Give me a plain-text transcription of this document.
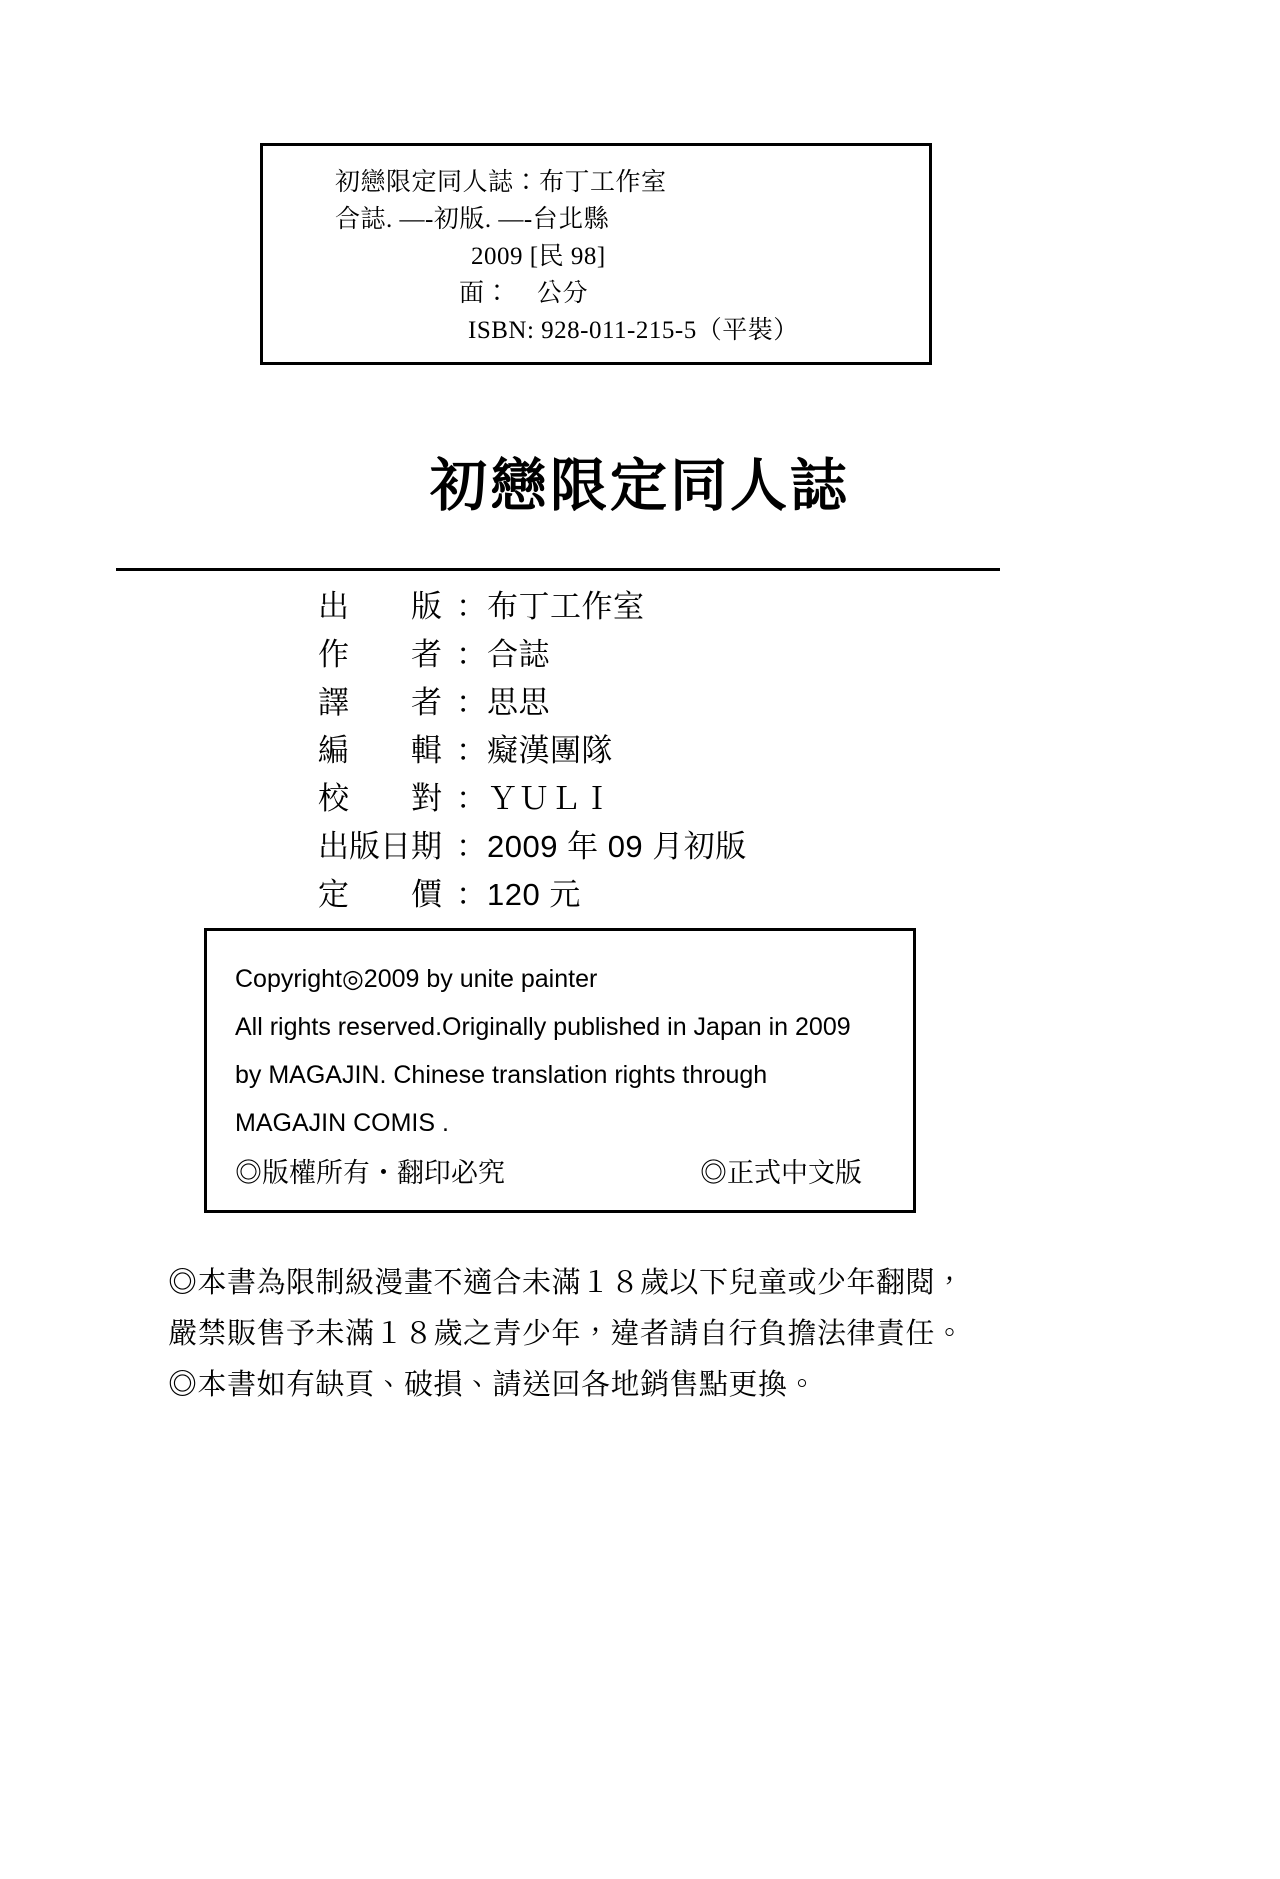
初戀限定同人誌：布丁工作室
合誌. —-初版. —-台北縣
2009 [民 98]
面：    公分
ISBN: 928-011-215-5（平裝）
初戀限定同人誌
出　　版 ： 布丁工作室
作　　者 ： 合誌
譯　　者 ： 思思
編　　輯 ： 癡漢團隊
校　　對 ： ＹＵＬＩ
出版日期 ： 2009 年 09 月初版
定　　價 ： 120 元
Copyright◎2009 by unite painter
All rights reserved.Originally published in Japan in 2009
by MAGAJIN. Chinese translation rights through
MAGAJIN COMIS .
◎版權所有・翻印必究	◎正式中文版
◎本書為限制級漫畫不適合未滿１８歲以下兒童或少年翻閱，
嚴禁販售予未滿１８歲之青少年，違者請自行負擔法律責任。
◎本書如有缺頁、破損、請送回各地銷售點更換。
